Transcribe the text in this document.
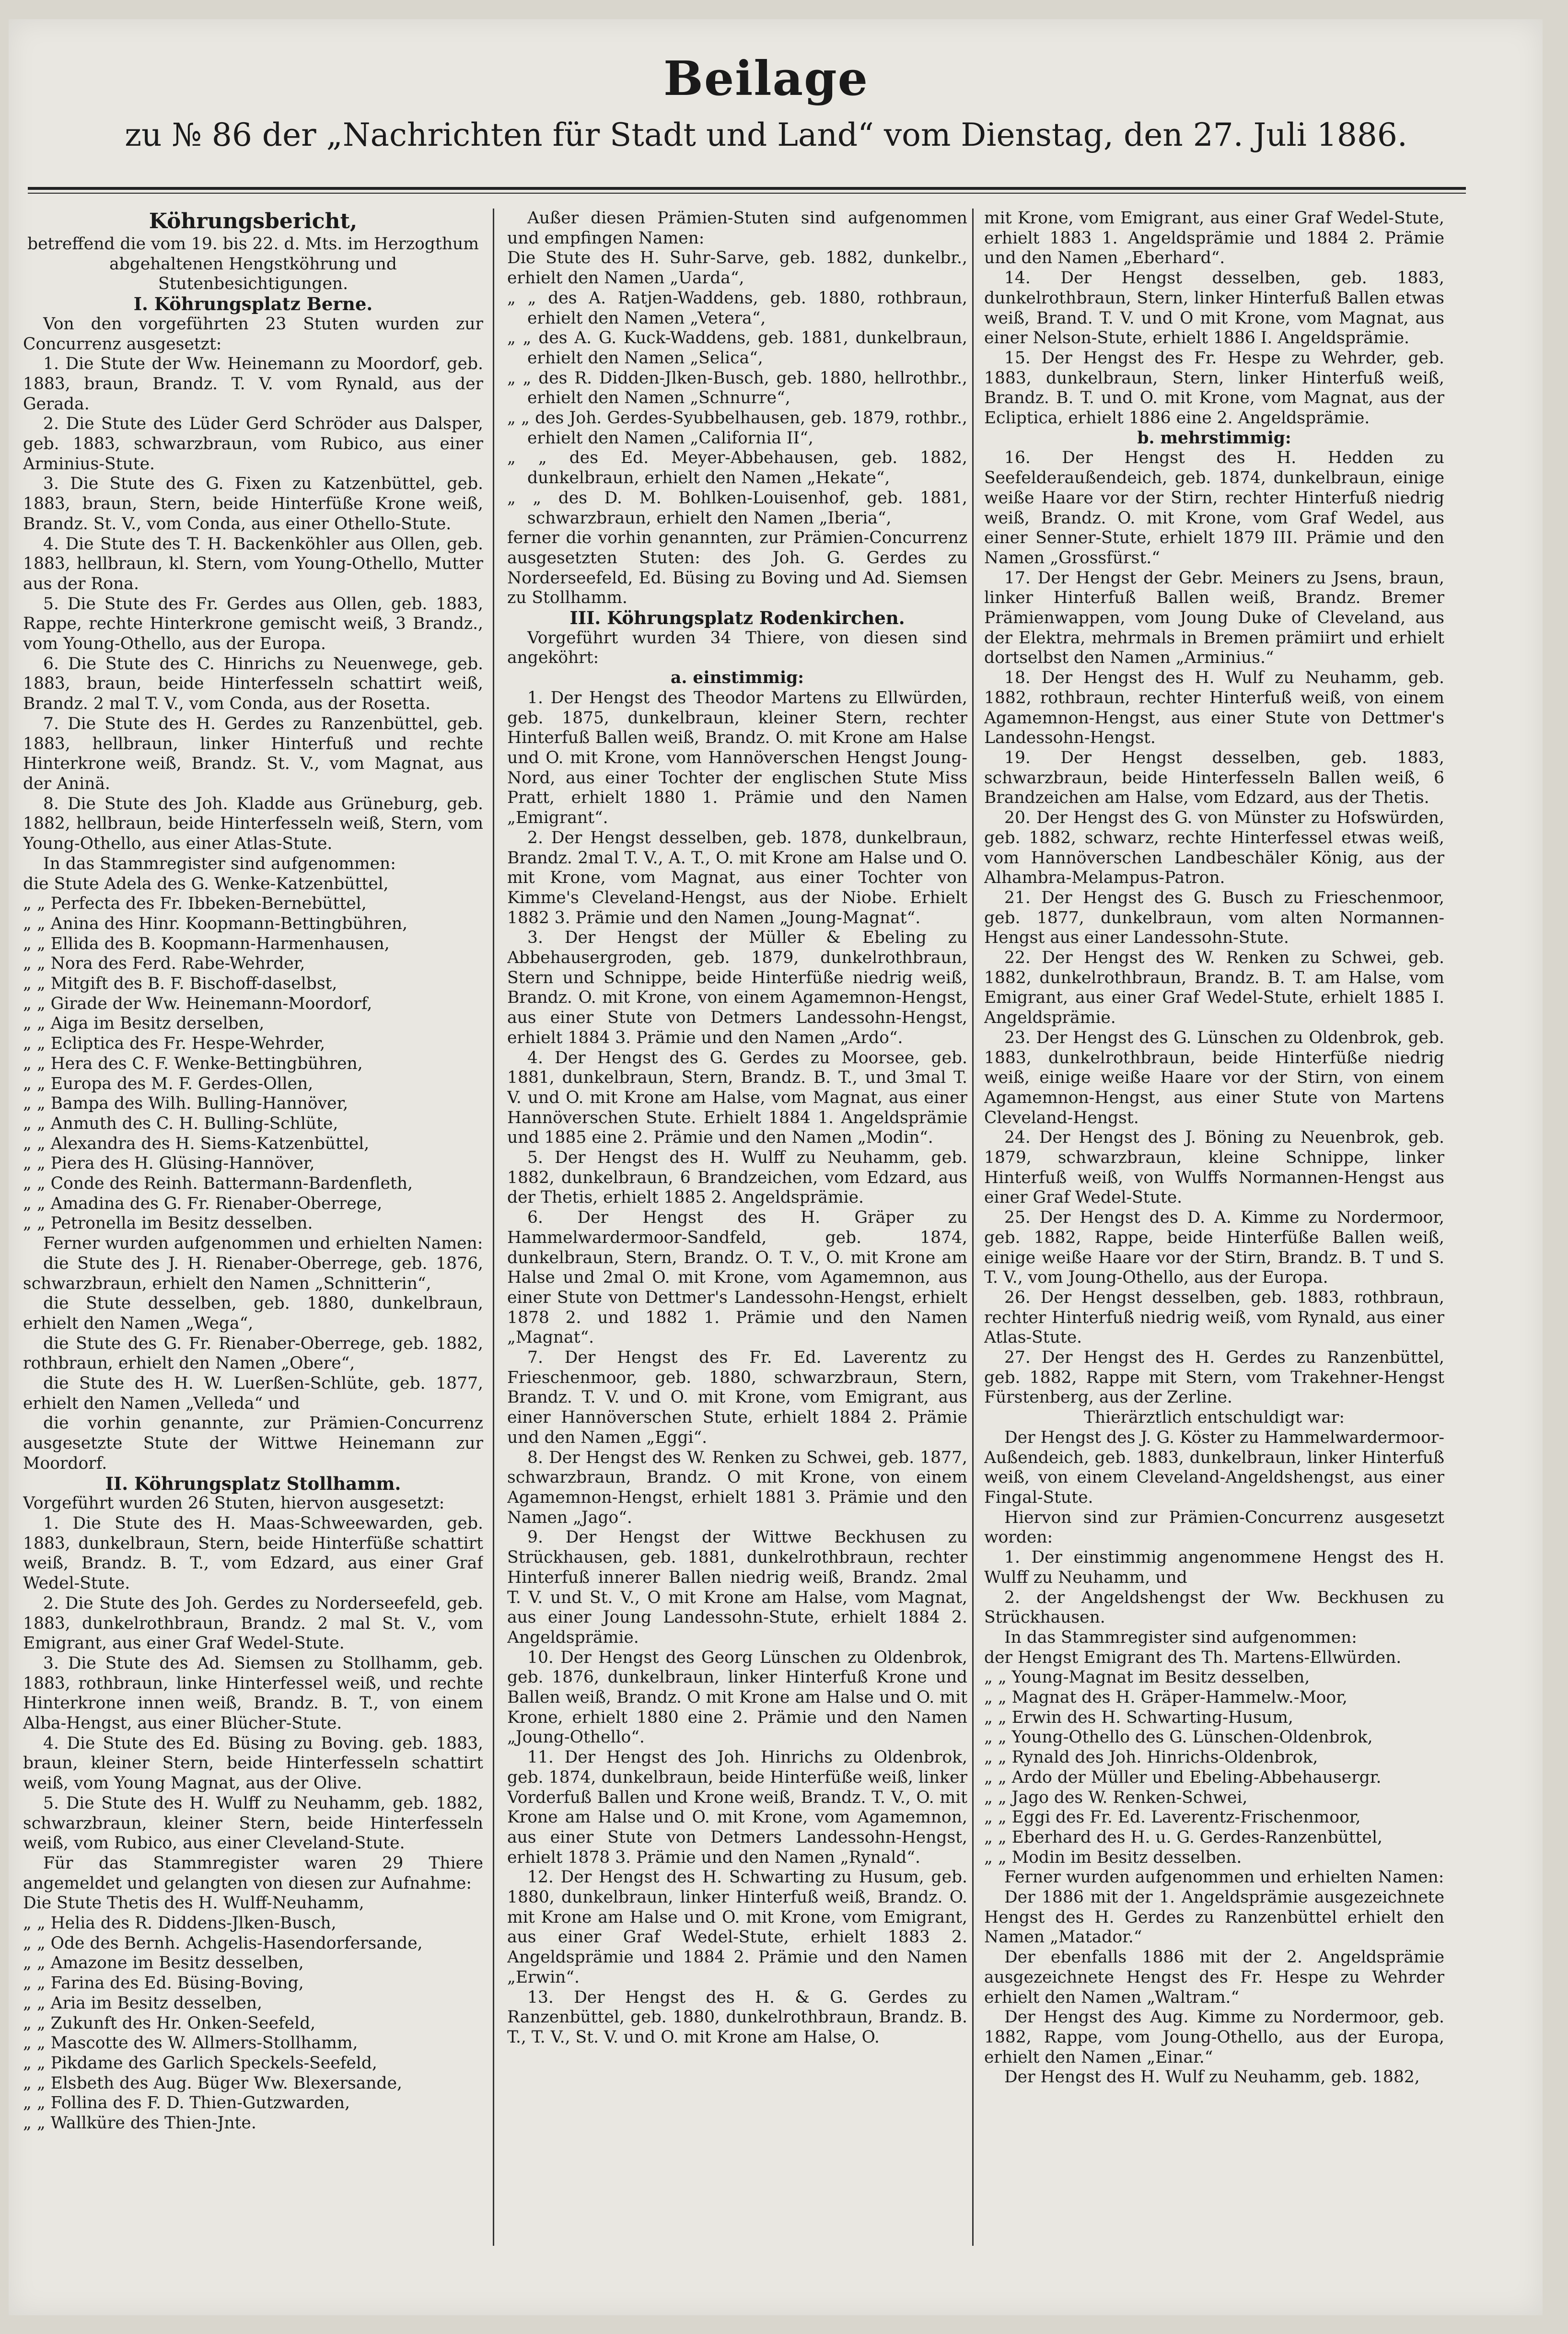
Beilage
zu № 86 der „Nachrichten für Stadt und Land“ vom Dienstag, den 27. Juli 1886.

Köhrungsbericht,

betreffend die vom 19. bis 22. d. Mts. im Herzogthum abgehaltenen Hengstköhrung und Stutenbesichtigungen.

I. Köhrungsplatz Berne.

Von den vorgeführten 23 Stuten wurden zur Concurrenz ausgesetzt:

1. Die Stute der Ww. Heinemann zu Moordorf, geb. 1883, braun, Brandz. T. V. vom Rynald, aus der Gerada.

2. Die Stute des Lüder Gerd Schröder aus Dalsper, geb. 1883, schwarzbraun, vom Rubico, aus einer Arminius-Stute.

3. Die Stute des G. Fixen zu Katzenbüttel, geb. 1883, braun, Stern, beide Hinterfüße Krone weiß, Brandz. St. V., vom Conda, aus einer Othello-Stute.

4. Die Stute des T. H. Backenköhler aus Ollen, geb. 1883, hellbraun, kl. Stern, vom Young-Othello, Mutter aus der Rona.

5. Die Stute des Fr. Gerdes aus Ollen, geb. 1883, Rappe, rechte Hinterkrone gemischt weiß, 3 Brandz., vom Young-Othello, aus der Europa.

6. Die Stute des C. Hinrichs zu Neuenwege, geb. 1883, braun, beide Hinterfesseln schattirt weiß, Brandz. 2 mal T. V., vom Conda, aus der Rosetta.

7. Die Stute des H. Gerdes zu Ranzenbüttel, geb. 1883, hellbraun, linker Hinterfuß und rechte Hinterkrone weiß, Brandz. St. V., vom Magnat, aus der Aninä.

8. Die Stute des Joh. Kladde aus Grüneburg, geb. 1882, hellbraun, beide Hinterfesseln weiß, Stern, vom Young-Othello, aus einer Atlas-Stute.

In das Stammregister sind aufgenommen:

die Stute Adela des G. Wenke-Katzenbüttel,

„ „ Perfecta des Fr. Ibbeken-Bernebüttel,

„ „ Anina des Hinr. Koopmann-Bettingbühren,

„ „ Ellida des B. Koopmann-Harmenhausen,

„ „ Nora des Ferd. Rabe-Wehrder,

„ „ Mitgift des B. F. Bischoff-daselbst,

„ „ Girade der Ww. Heinemann-Moordorf,

„ „ Aiga im Besitz derselben,

„ „ Ecliptica des Fr. Hespe-Wehrder,

„ „ Hera des C. F. Wenke-Bettingbühren,

„ „ Europa des M. F. Gerdes-Ollen,

„ „ Bampa des Wilh. Bulling-Hannöver,

„ „ Anmuth des C. H. Bulling-Schlüte,

„ „ Alexandra des H. Siems-Katzenbüttel,

„ „ Piera des H. Glüsing-Hannöver,

„ „ Conde des Reinh. Battermann-Bardenfleth,

„ „ Amadina des G. Fr. Rienaber-Oberrege,

„ „ Petronella im Besitz desselben.

Ferner wurden aufgenommen und erhielten Namen:

die Stute des J. H. Rienaber-Oberrege, geb. 1876, schwarzbraun, erhielt den Namen „Schnitterin“,

die Stute desselben, geb. 1880, dunkelbraun, erhielt den Namen „Wega“,

die Stute des G. Fr. Rienaber-Oberrege, geb. 1882, rothbraun, erhielt den Namen „Obere“,

die Stute des H. W. Luerßen-Schlüte, geb. 1877, erhielt den Namen „Velleda“ und

die vorhin genannte, zur Prämien-Concurrenz ausgesetzte Stute der Wittwe Heinemann zur Moordorf.

II. Köhrungsplatz Stollhamm.

Vorgeführt wurden 26 Stuten, hiervon ausgesetzt:

1. Die Stute des H. Maas-Schweewarden, geb. 1883, dunkelbraun, Stern, beide Hinterfüße schattirt weiß, Brandz. B. T., vom Edzard, aus einer Graf Wedel-Stute.

2. Die Stute des Joh. Gerdes zu Norderseefeld, geb. 1883, dunkelrothbraun, Brandz. 2 mal St. V., vom Emigrant, aus einer Graf Wedel-Stute.

3. Die Stute des Ad. Siemsen zu Stollhamm, geb. 1883, rothbraun, linke Hinterfessel weiß, und rechte Hinterkrone innen weiß, Brandz. B. T., von einem Alba-Hengst, aus einer Blücher-Stute.

4. Die Stute des Ed. Büsing zu Boving. geb. 1883, braun, kleiner Stern, beide Hinterfesseln schattirt weiß, vom Young Magnat, aus der Olive.

5. Die Stute des H. Wulff zu Neuhamm, geb. 1882, schwarzbraun, kleiner Stern, beide Hinterfesseln weiß, vom Rubico, aus einer Cleveland-Stute.

Für das Stammregister waren 29 Thiere angemeldet und gelangten von diesen zur Aufnahme:

Die Stute Thetis des H. Wulff-Neuhamm,

„ „ Helia des R. Diddens-Jlken-Busch,

„ „ Ode des Bernh. Achgelis-Hasendorfersande,

„ „ Amazone im Besitz desselben,

„ „ Farina des Ed. Büsing-Boving,

„ „ Aria im Besitz desselben,

„ „ Zukunft des Hr. Onken-Seefeld,

„ „ Mascotte des W. Allmers-Stollhamm,

„ „ Pikdame des Garlich Speckels-Seefeld,

„ „ Elsbeth des Aug. Büger Ww. Blexersande,

„ „ Follina des F. D. Thien-Gutzwarden,

„ „ Wallküre des Thien-Jnte.

Außer diesen Prämien-Stuten sind aufgenommen und empfingen Namen:

Die Stute des H. Suhr-Sarve, geb. 1882, dunkelbr., erhielt den Namen „Uarda“,

„ „ des A. Ratjen-Waddens, geb. 1880, rothbraun, erhielt den Namen „Vetera“,

„ „ des A. G. Kuck-Waddens, geb. 1881, dunkelbraun, erhielt den Namen „Selica“,

„ „ des R. Didden-Jlken-Busch, geb. 1880, hellrothbr., erhielt den Namen „Schnurre“,

„ „ des Joh. Gerdes-Syubbelhausen, geb. 1879, rothbr., erhielt den Namen „California II“,

„ „ des Ed. Meyer-Abbehausen, geb. 1882, dunkelbraun, erhielt den Namen „Hekate“,

„ „ des D. M. Bohlken-Louisenhof, geb. 1881, schwarzbraun, erhielt den Namen „Iberia“,

ferner die vorhin genannten, zur Prämien-Concurrenz ausgesetzten Stuten: des Joh. G. Gerdes zu Norderseefeld, Ed. Büsing zu Boving und Ad. Siemsen zu Stollhamm.

III. Köhrungsplatz Rodenkirchen.

Vorgeführt wurden 34 Thiere, von diesen sind angeköhrt:

a. einstimmig:

1. Der Hengst des Theodor Martens zu Ellwürden, geb. 1875, dunkelbraun, kleiner Stern, rechter Hinterfuß Ballen weiß, Brandz. O. mit Krone am Halse und O. mit Krone, vom Hannöverschen Hengst Joung-Nord, aus einer Tochter der englischen Stute Miss Pratt, erhielt 1880 1. Prämie und den Namen „Emigrant“.

2. Der Hengst desselben, geb. 1878, dunkelbraun, Brandz. 2mal T. V., A. T., O. mit Krone am Halse und O. mit Krone, vom Magnat, aus einer Tochter von Kimme's Cleveland-Hengst, aus der Niobe. Erhielt 1882 3. Prämie und den Namen „Joung-Magnat“.

3. Der Hengst der Müller & Ebeling zu Abbehausergroden, geb. 1879, dunkelrothbraun, Stern und Schnippe, beide Hinterfüße niedrig weiß, Brandz. O. mit Krone, von einem Agamemnon-Hengst, aus einer Stute von Detmers Landessohn-Hengst, erhielt 1884 3. Prämie und den Namen „Ardo“.

4. Der Hengst des G. Gerdes zu Moorsee, geb. 1881, dunkelbraun, Stern, Brandz. B. T., und 3mal T. V. und O. mit Krone am Halse, vom Magnat, aus einer Hannöverschen Stute. Erhielt 1884 1. Angeldsprämie und 1885 eine 2. Prämie und den Namen „Modin“.

5. Der Hengst des H. Wulff zu Neuhamm, geb. 1882, dunkelbraun, 6 Brandzeichen, vom Edzard, aus der Thetis, erhielt 1885 2. Angeldsprämie.

6. Der Hengst des H. Gräper zu Hammelwardermoor-Sandfeld, geb. 1874, dunkelbraun, Stern, Brandz. O. T. V., O. mit Krone am Halse und 2mal O. mit Krone, vom Agamemnon, aus einer Stute von Dettmer's Landessohn-Hengst, erhielt 1878 2. und 1882 1. Prämie und den Namen „Magnat“.

7. Der Hengst des Fr. Ed. Laverentz zu Frieschenmoor, geb. 1880, schwarzbraun, Stern, Brandz. T. V. und O. mit Krone, vom Emigrant, aus einer Hannöverschen Stute, erhielt 1884 2. Prämie und den Namen „Eggi“.

8. Der Hengst des W. Renken zu Schwei, geb. 1877, schwarzbraun, Brandz. O mit Krone, von einem Agamemnon-Hengst, erhielt 1881 3. Prämie und den Namen „Jago“.

9. Der Hengst der Wittwe Beckhusen zu Strückhausen, geb. 1881, dunkelrothbraun, rechter Hinterfuß innerer Ballen niedrig weiß, Brandz. 2mal T. V. und St. V., O mit Krone am Halse, vom Magnat, aus einer Joung Landessohn-Stute, erhielt 1884 2. Angeldsprämie.

10. Der Hengst des Georg Lünschen zu Oldenbrok, geb. 1876, dunkelbraun, linker Hinterfuß Krone und Ballen weiß, Brandz. O mit Krone am Halse und O. mit Krone, erhielt 1880 eine 2. Prämie und den Namen „Joung-Othello“.

11. Der Hengst des Joh. Hinrichs zu Oldenbrok, geb. 1874, dunkelbraun, beide Hinterfüße weiß, linker Vorderfuß Ballen und Krone weiß, Brandz. T. V., O. mit Krone am Halse und O. mit Krone, vom Agamemnon, aus einer Stute von Detmers Landessohn-Hengst, erhielt 1878 3. Prämie und den Namen „Rynald“.

12. Der Hengst des H. Schwarting zu Husum, geb. 1880, dunkelbraun, linker Hinterfuß weiß, Brandz. O. mit Krone am Halse und O. mit Krone, vom Emigrant, aus einer Graf Wedel-Stute, erhielt 1883 2. Angeldsprämie und 1884 2. Prämie und den Namen „Erwin“.

13. Der Hengst des H. & G. Gerdes zu Ranzenbüttel, geb. 1880, dunkelrothbraun, Brandz. B. T., T. V., St. V. und O. mit Krone am Halse, O.

mit Krone, vom Emigrant, aus einer Graf Wedel-Stute, erhielt 1883 1. Angeldsprämie und 1884 2. Prämie und den Namen „Eberhard“.

14. Der Hengst desselben, geb. 1883, dunkelrothbraun, Stern, linker Hinterfuß Ballen etwas weiß, Brand. T. V. und O mit Krone, vom Magnat, aus einer Nelson-Stute, erhielt 1886 I. Angeldsprämie.

15. Der Hengst des Fr. Hespe zu Wehrder, geb. 1883, dunkelbraun, Stern, linker Hinterfuß weiß, Brandz. B. T. und O. mit Krone, vom Magnat, aus der Ecliptica, erhielt 1886 eine 2. Angeldsprämie.

b. mehrstimmig:

16. Der Hengst des H. Hedden zu Seefelderaußendeich, geb. 1874, dunkelbraun, einige weiße Haare vor der Stirn, rechter Hinterfuß niedrig weiß, Brandz. O. mit Krone, vom Graf Wedel, aus einer Senner-Stute, erhielt 1879 III. Prämie und den Namen „Grossfürst.“

17. Der Hengst der Gebr. Meiners zu Jsens, braun, linker Hinterfuß Ballen weiß, Brandz. Bremer Prämienwappen, vom Joung Duke of Cleveland, aus der Elektra, mehrmals in Bremen prämiirt und erhielt dortselbst den Namen „Arminius.“

18. Der Hengst des H. Wulf zu Neuhamm, geb. 1882, rothbraun, rechter Hinterfuß weiß, von einem Agamemnon-Hengst, aus einer Stute von Dettmer's Landessohn-Hengst.

19. Der Hengst desselben, geb. 1883, schwarzbraun, beide Hinterfesseln Ballen weiß, 6 Brandzeichen am Halse, vom Edzard, aus der Thetis.

20. Der Hengst des G. von Münster zu Hofswürden, geb. 1882, schwarz, rechte Hinterfessel etwas weiß, vom Hannöverschen Landbeschäler König, aus der Alhambra-Melampus-Patron.

21. Der Hengst des G. Busch zu Frieschenmoor, geb. 1877, dunkelbraun, vom alten Normannen-Hengst aus einer Landessohn-Stute.

22. Der Hengst des W. Renken zu Schwei, geb. 1882, dunkelrothbraun, Brandz. B. T. am Halse, vom Emigrant, aus einer Graf Wedel-Stute, erhielt 1885 I. Angeldsprämie.

23. Der Hengst des G. Lünschen zu Oldenbrok, geb. 1883, dunkelrothbraun, beide Hinterfüße niedrig weiß, einige weiße Haare vor der Stirn, von einem Agamemnon-Hengst, aus einer Stute von Martens Cleveland-Hengst.

24. Der Hengst des J. Böning zu Neuenbrok, geb. 1879, schwarzbraun, kleine Schnippe, linker Hinterfuß weiß, von Wulffs Normannen-Hengst aus einer Graf Wedel-Stute.

25. Der Hengst des D. A. Kimme zu Nordermoor, geb. 1882, Rappe, beide Hinterfüße Ballen weiß, einige weiße Haare vor der Stirn, Brandz. B. T und S. T. V., vom Joung-Othello, aus der Europa.

26. Der Hengst desselben, geb. 1883, rothbraun, rechter Hinterfuß niedrig weiß, vom Rynald, aus einer Atlas-Stute.

27. Der Hengst des H. Gerdes zu Ranzenbüttel, geb. 1882, Rappe mit Stern, vom Trakehner-Hengst Fürstenberg, aus der Zerline.

Thierärztlich entschuldigt war:

Der Hengst des J. G. Köster zu Hammelwardermoor-Außendeich, geb. 1883, dunkelbraun, linker Hinterfuß weiß, von einem Cleveland-Angeldshengst, aus einer Fingal-Stute.

Hiervon sind zur Prämien-Concurrenz ausgesetzt worden:

1. Der einstimmig angenommene Hengst des H. Wulff zu Neuhamm, und

2. der Angeldshengst der Ww. Beckhusen zu Strückhausen.

In das Stammregister sind aufgenommen:

der Hengst Emigrant des Th. Martens-Ellwürden.

„ „ Young-Magnat im Besitz desselben,

„ „ Magnat des H. Gräper-Hammelw.-Moor,

„ „ Erwin des H. Schwarting-Husum,

„ „ Young-Othello des G. Lünschen-Oldenbrok,

„ „ Rynald des Joh. Hinrichs-Oldenbrok,

„ „ Ardo der Müller und Ebeling-Abbehausergr.

„ „ Jago des W. Renken-Schwei,

„ „ Eggi des Fr. Ed. Laverentz-Frischenmoor,

„ „ Eberhard des H. u. G. Gerdes-Ranzenbüttel,

„ „ Modin im Besitz desselben.

Ferner wurden aufgenommen und erhielten Namen:

Der 1886 mit der 1. Angeldsprämie ausgezeichnete Hengst des H. Gerdes zu Ranzenbüttel erhielt den Namen „Matador.“

Der ebenfalls 1886 mit der 2. Angeldsprämie ausgezeichnete Hengst des Fr. Hespe zu Wehrder erhielt den Namen „Waltram.“

Der Hengst des Aug. Kimme zu Nordermoor, geb. 1882, Rappe, vom Joung-Othello, aus der Europa, erhielt den Namen „Einar.“

Der Hengst des H. Wulf zu Neuhamm, geb. 1882,
